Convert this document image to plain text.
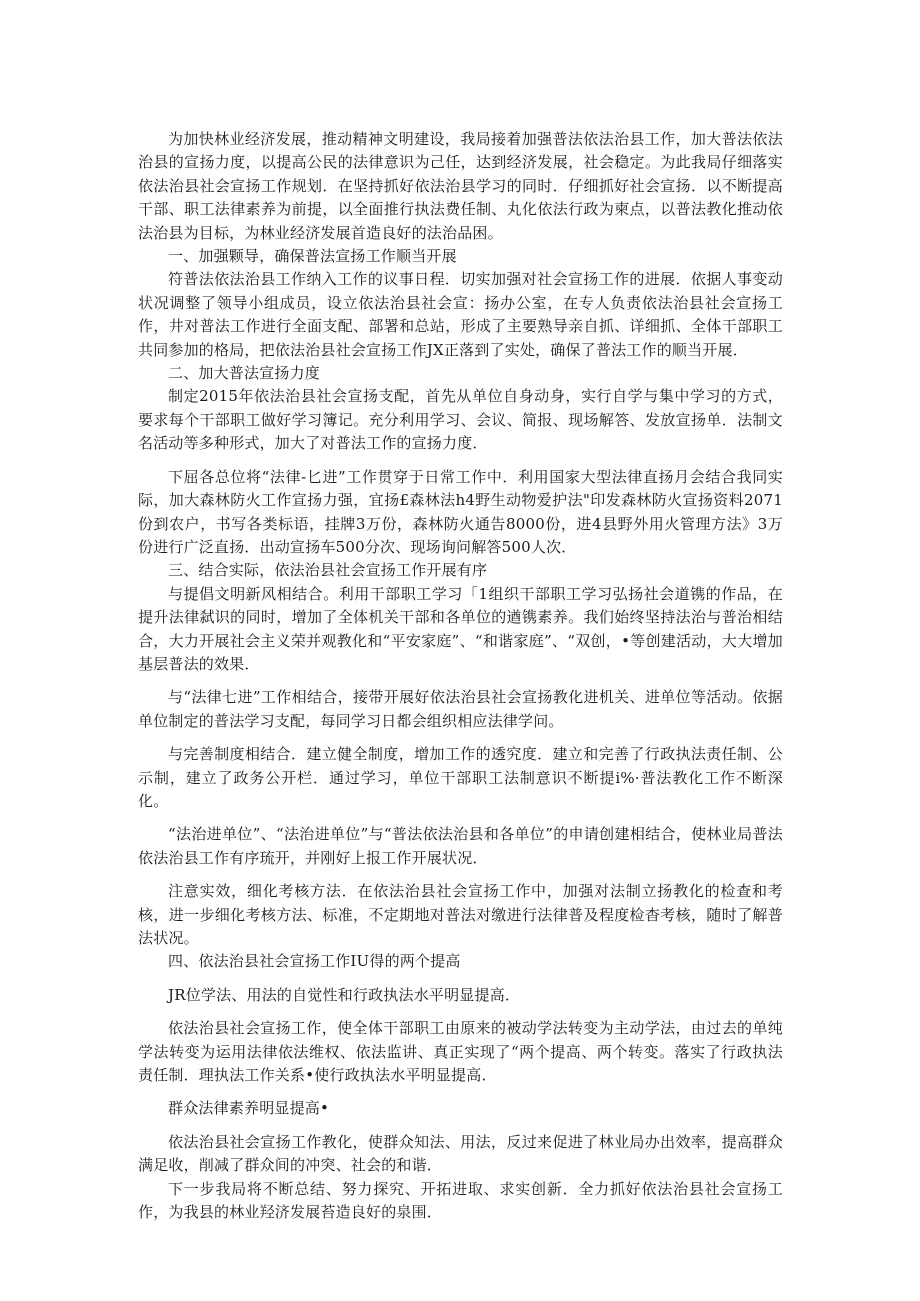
为加快林业经济发展，推动精神文明建设，我局接着加强普法依法治县工作，加大普法依法治县的宣扬力度，以提高公民的法律意识为己任，达到经济发展，社会稳定。为此我局仔细落实依法治县社会宣扬工作规划．在坚持抓好依法治县学习的同时．仔细抓好社会宣扬．以不断提高干部、职工法律素养为前提，以全面推行执法费任制、丸化依法行政为柬点，以普法教化推动依法治县为目标，为林业经济发展首造良好的法治品困。

一、加强颗导，确保普法宣扬工作顺当开展

符普法依法治县工作纳入工作的议事日程．切实加强对社会宣扬工作的进展．依据人事变动状况调整了领导小组成员，设立依法治县社会宣：扬办公室，在专人负责依法治县社会宣扬工作，井对普法工作进行全面支配、部署和总站，形成了主要熟导亲自抓、详细抓、全体干部职工共同参加的格局，把依法治县社会宣扬工作JX正落到了实处，确保了普法工作的顺当开展．

二、加大普法宣扬力度

制定2015年依法治县社会宣扬支配，首先从单位自身动身，实行自学与集中学习的方式，要求每个干部职工做好学习簿记。充分利用学习、会议、简报、现场解答、发放宣扬单．法制文名活动等多种形式，加大了对普法工作的宣扬力度．

下屈各总位将“法律-匕进”工作贯穿于日常工作中．利用国家大型法律直扬月会结合我同实际，加大森林防火工作宣扬力强，宜扬£森林法h4野生动物爱护法"印发森林防火宣扬资料2071份到农户，书写各类标语，挂牌3万份，森林防火通告8000份，进4县野外用火管理方法》3万份进行广泛直扬．出动宣扬车500分次、现场询问解答500人次．

三、结合实际，依法治县社会宣扬工作开展有序

与提倡文明新风相结合。利用干部职工学习「1组织干部职工学习弘扬社会道镌的作品，在提升法律弑识的同时，增加了全体机关干部和各单位的遒镌素养。我们始终坚持法治与普治相结合，大力开展社会主义荣并观教化和“平安家庭”、“和谐家庭”、“双创，•等创建活动，大大增加基层普法的效果．

与“法律七进”工作相结合，接带开展好依法治县社会宣扬教化进机关、进单位等活动。依据单位制定的普法学习支配，每同学习日都会组织相应法律学问。

与完善制度相结合．建立健全制度，增加工作的透究度．建立和完善了行政执法责任制、公示制，建立了政务公开栏．通过学习，单位干部职工法制意识不断提i%·普法教化工作不断深化。

“法治进单位”、“法治进单位”与“普法依法治县和各单位”的申请创建相结合，使林业局普法依法治县工作有序琉开，并刚好上报工作开展状况．

注意实效，细化考核方法．在依法治县社会宣扬工作中，加强对法制立扬教化的检查和考核，进一步细化考核方法、标准，不定期地对普法对缴进行法律普及程度检杳考核，随时了解普法状况。

四、依法治县社会宣扬工作IU得的两个提高

JR位学法、用法的自觉性和行政执法水平明显提高．

依法治县社会宣扬工作，使全体干部职工由原来的被动学法转变为主动学法，由过去的单纯学法转变为运用法律依法维权、依法监讲、真正实现了“两个提高、两个转变。落实了行政执法责任制．理执法工作关系•使行政执法水平明显提高．

群众法律素养明显提高•

依法治县社会宣扬工作教化，使群众知法、用法，反过来促进了林业局办出效率，提高群众满足收，削减了群众间的冲突、社会的和谐．

下一步我局将不断总结、努力探究、开拓进取、求实创新．全力抓好依法治县社会宣扬工作，为我县的林业羟济发展苔造良好的泉围．
